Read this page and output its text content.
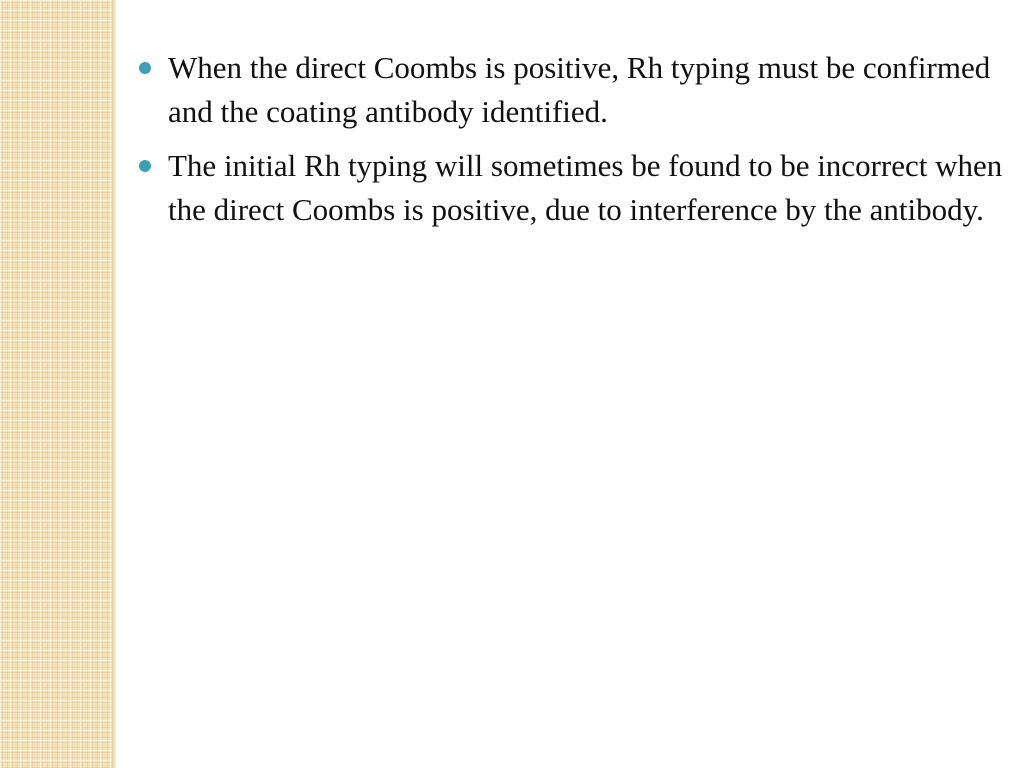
When the direct Coombs is positive, Rh typing must be confirmed and the coating antibody identified.
The initial Rh typing will sometimes be found to be incorrect when the direct Coombs is positive, due to interference by the antibody.
